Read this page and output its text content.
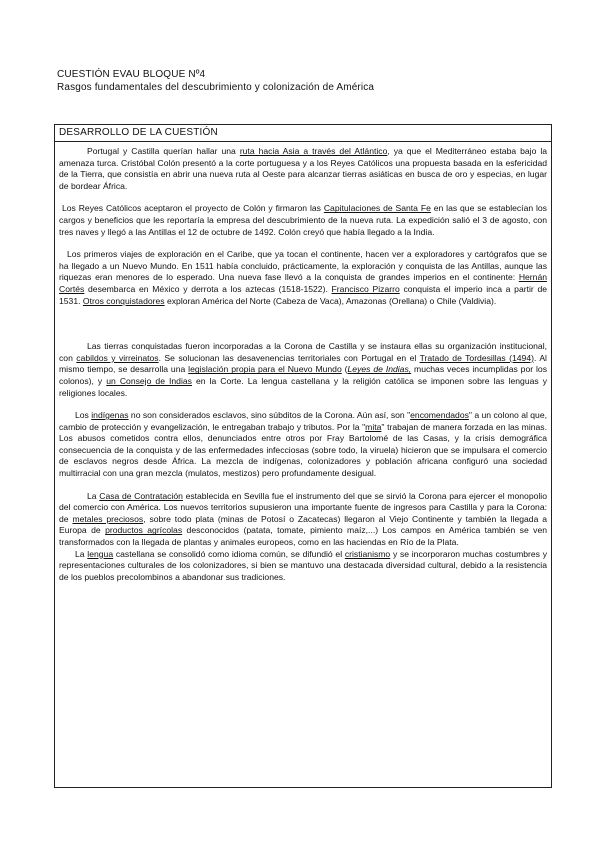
CUESTIÓN EVAU BLOQUE Nº4
Rasgos fundamentales del descubrimiento y colonización de América
DESARROLLO DE LA CUESTIÓN

Portugal y Castilla querían hallar una ruta hacia Asia a través del Atlántico, ya que el Mediterráneo estaba bajo la amenaza turca. Cristóbal Colón presentó a la corte portuguesa y a los Reyes Católicos una propuesta basada en la esfericidad de la Tierra, que consistía en abrir una nueva ruta al Oeste para alcanzar tierras asiáticas en busca de oro y especias, en lugar de bordear África.

Los Reyes Católicos aceptaron el proyecto de Colón y firmaron las Capitulaciones de Santa Fe en las que se establecían los cargos y beneficios que les reportaría la empresa del descubrimiento de la nueva ruta. La expedición salió el 3 de agosto, con tres naves y llegó a las Antillas el 12 de octubre de 1492. Colón creyó que había llegado a la India.

Los primeros viajes de exploración en el Caribe, que ya tocan el continente, hacen ver a exploradores y cartógrafos que se ha llegado a un Nuevo Mundo. En 1511 había concluido, prácticamente, la exploración y conquista de las Antillas, aunque las riquezas eran menores de lo esperado. Una nueva fase llevó a la conquista de grandes imperios en el continente: Hernán Cortés desembarca en México y derrota a los aztecas (1518-1522). Francisco Pizarro conquista el imperio inca a partir de 1531. Otros conquistadores exploran América del Norte (Cabeza de Vaca), Amazonas (Orellana) o Chile (Valdivia).

Las tierras conquistadas fueron incorporadas a la Corona de Castilla y se instaura ellas su organización institucional, con cabildos y virreinatos. Se solucionan las desavenencias territoriales con Portugal en el Tratado de Tordesillas (1494). Al mismo tiempo, se desarrolla una legislación propia para el Nuevo Mundo (Leyes de Indias, muchas veces incumplidas por los colonos), y un Consejo de Indias en la Corte. La lengua castellana y la religión católica se imponen sobre las lenguas y religiones locales.

Los indígenas no son considerados esclavos, sino súbditos de la Corona. Aún así, son "encomendados" a un colono al que, cambio de protección y evangelización, le entregaban trabajo y tributos. Por la "mita" trabajan de manera forzada en las minas. Los abusos cometidos contra ellos, denunciados entre otros por Fray Bartolomé de las Casas, y la crisis demográfica consecuencia de la conquista y de las enfermedades infecciosas (sobre todo, la viruela) hicieron que se impulsara el comercio de esclavos negros desde África. La mezcla de indígenas, colonizadores y población africana configuró una sociedad multirracial con una gran mezcla (mulatos, mestizos) pero profundamente desigual.

La Casa de Contratación establecida en Sevilla fue el instrumento del que se sirvió la Corona para ejercer el monopolio del comercio con América. Los nuevos territorios supusieron una importante fuente de ingresos para Castilla y para la Corona: de metales preciosos, sobre todo plata (minas de Potosí o Zacatecas) llegaron al Viejo Continente y también la llegada a Europa de productos agrícolas desconocidos (patata, tomate, pimiento maíz,...) Los campos en América también se ven transformados con la llegada de plantas y animales europeos, como en las haciendas en Río de la Plata.

La lengua castellana se consolidó como idioma común, se difundió el cristianismo y se incorporaron muchas costumbres y representaciones culturales de los colonizadores, si bien se mantuvo una destacada diversidad cultural, debido a la resistencia de los pueblos precolombinos a abandonar sus tradiciones.
